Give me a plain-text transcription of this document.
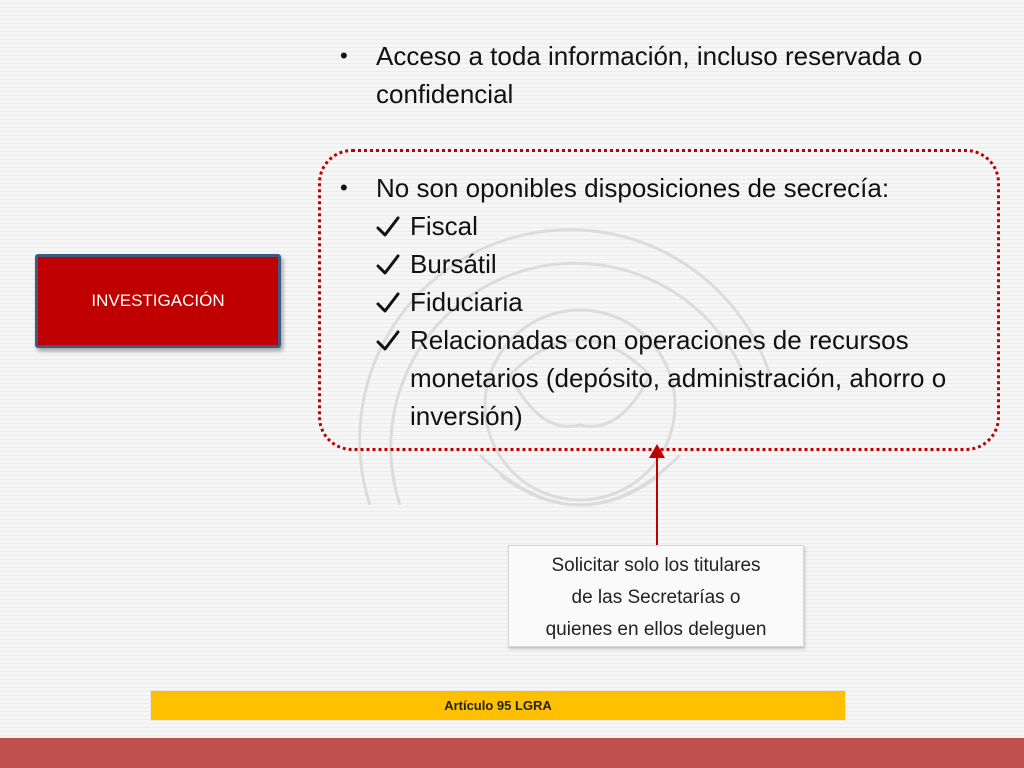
•	Acceso a toda información, incluso reservada o confidencial
•	No son oponibles disposiciones de secrecía:
Fiscal
Bursátil
Fiduciaria
Relacionadas con operaciones de recursos monetarios (depósito, administración, ahorro o inversión)
INVESTIGACIÓN
Solicitar solo los titulares
de las Secretarías o
quienes en ellos deleguen
Artículo 95 LGRA
